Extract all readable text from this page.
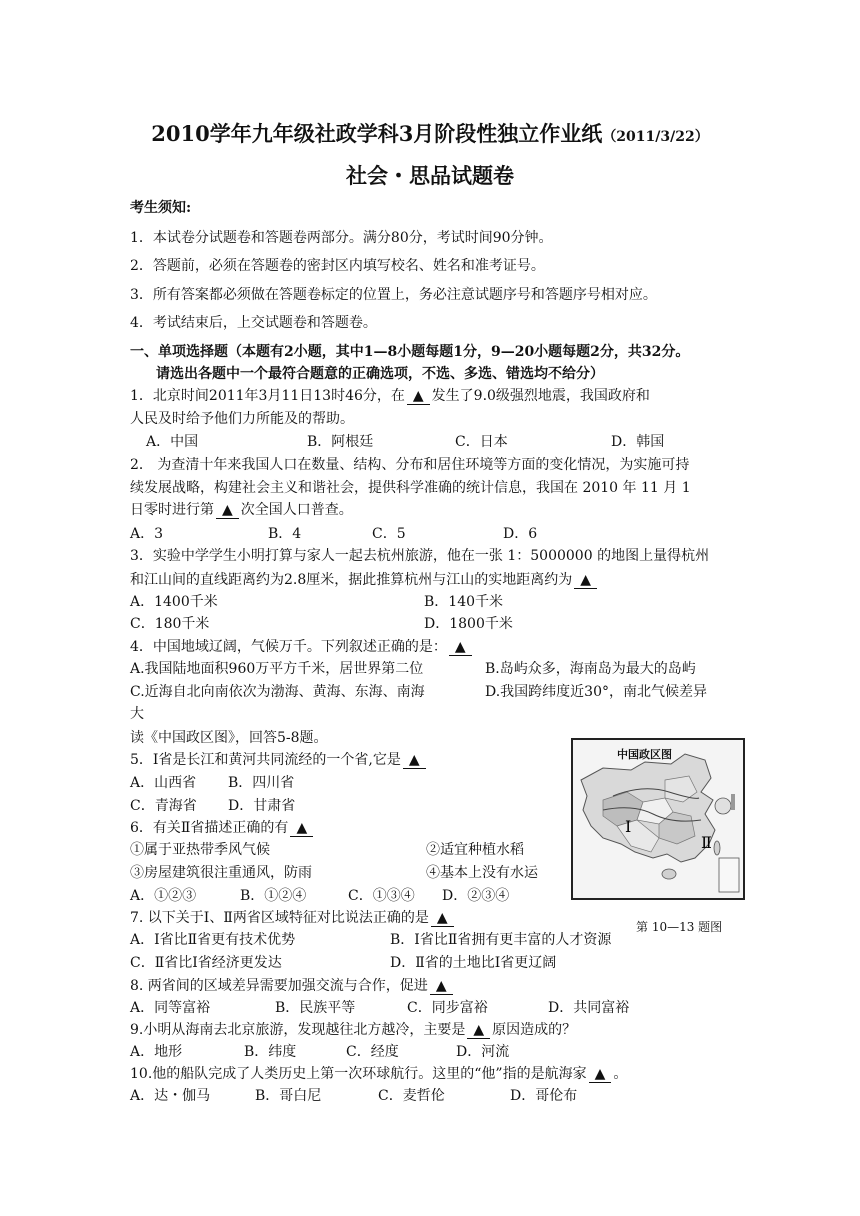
2010学年九年级社政学科3月阶段性独立作业纸（2011/3/22）
社会・思品试题卷
考生须知:
1．本试卷分试题卷和答题卷两部分。满分80分，考试时间90分钟。
2．答题前，必须在答题卷的密封区内填写校名、姓名和准考证号。
3．所有答案都必须做在答题卷标定的位置上，务必注意试题序号和答题序号相对应。
4．考试结束后，上交试题卷和答题卷。
一、单项选择题（本题有2小题，其中1—8小题每题1分，9—20小题每题2分，共32分。
请选出各题中一个最符合题意的正确选项，不选、多选、错选均不给分）
1．北京时间2011年3月11日13时46分，在 ▲ 发生了9.0级强烈地震，我国政府和
人民及时给予他们力所能及的帮助。
A．中国	B．阿根廷	C．日本	D．韩国
2． 为查清十年来我国人口在数量、结构、分布和居住环境等方面的变化情况，为实施可持
续发展战略，构建社会主义和谐社会，提供科学准确的统计信息，我国在 2010 年 11 月 1
日零时进行第 ▲ 次全国人口普查。
A．3	B．4	C．5	D．6
3．实验中学学生小明打算与家人一起去杭州旅游，他在一张 1：5000000 的地图上量得杭州
和江山间的直线距离约为2.8厘米，据此推算杭州与江山的实地距离约为 ▲
A．1400千米	B．140千米
C．180千米	D．1800千米
4．中国地域辽阔，气候万千。下列叙述正确的是： ▲
A.我国陆地面积960万平方千米，居世界第二位	B.岛屿众多，海南岛为最大的岛屿
C.近海自北向南依次为渤海、黄海、东海、南海	D.我国跨纬度近30°，南北气候差异
大
读《中国政区图》，回答5-8题。
5．Ⅰ省是长江和黄河共同流经的一个省,它是 ▲
A．山西省 B．四川省
C．青海省 D．甘肃省
6．有关Ⅱ省描述正确的有 ▲
①属于亚热带季风气候	②适宜种植水稻
③房屋建筑很注重通风，防雨	④基本上没有水运
A．①②③	B．①②④	C．①③④ D．②③④
7. 以下关于Ⅰ、Ⅱ两省区域特征对比说法正确的是 ▲
A．Ⅰ省比Ⅱ省更有技术优势	B．Ⅰ省比Ⅱ省拥有更丰富的人才资源
C．Ⅱ省比Ⅰ省经济更发达	D．Ⅱ省的土地比Ⅰ省更辽阔
8. 两省间的区域差异需要加强交流与合作，促进 ▲
A．同等富裕	B．民族平等	C．同步富裕	D．共同富裕
9.小明从海南去北京旅游，发现越往北方越冷，主要是 ▲ 原因造成的？
A．地形	B．纬度	C．经度	D．河流
10.他的船队完成了人类历史上第一次环球航行。这里的“他”指的是航海家 ▲ 。
A．达・伽马	B．哥白尼	C．麦哲伦	D．哥伦布
中国政区图
Ⅰ
Ⅱ
第 10—13 题图
